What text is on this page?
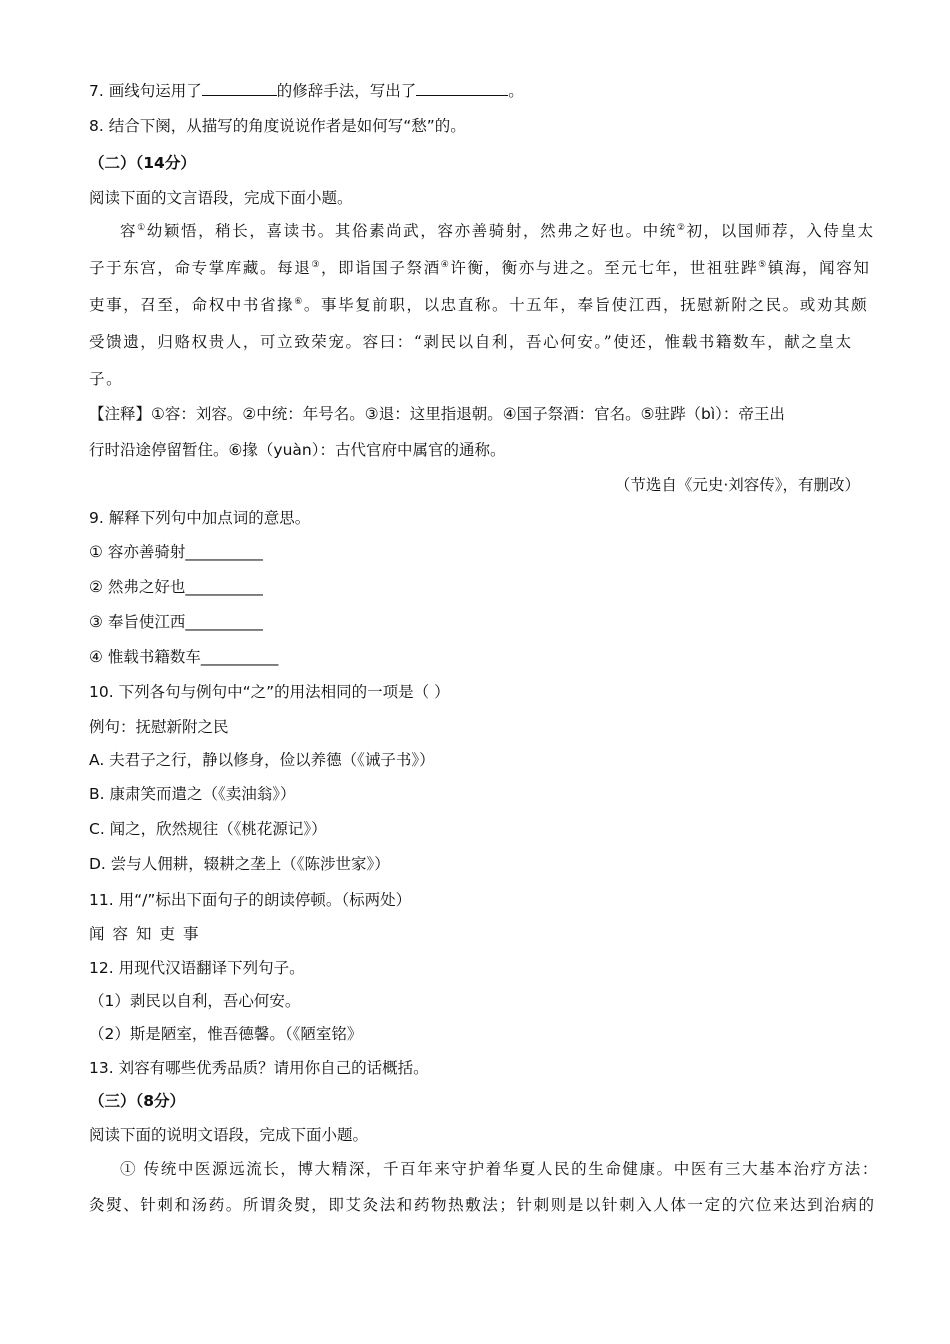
7. 画线句运用了	的修辞手法，写出了	。
8. 结合下阕，从描写的角度说说作者是如何写“愁”的。
（二）（14分）
阅读下面的文言语段，完成下面小题。
容①幼颖悟，稍长，喜读书。其俗素尚武，容亦善骑射，然弗之好也。中统②初，以国师荐，入侍皇太
子于东宫，命专掌库藏。每退③，即诣国子祭酒④许衡，衡亦与进之。至元七年，世祖驻跸⑤镇海，闻容知
吏事，召至，命权中书省掾⑥。事毕复前职，以忠直称。十五年，奉旨使江西，抚慰新附之民。或劝其颇
受馈遗，归赂权贵人，可立致荣宠。容曰：“剥民以自利，吾心何安。”使还，惟载书籍数车，献之皇太
子。
【注释】①容：刘容。②中统：年号名。③退：这里指退朝。④国子祭酒：官名。⑤驻跸（bì）：帝王出
行时沿途停留暂住。⑥掾（yuàn）：古代官府中属官的通称。
（节选自《元史·刘容传》，有删改）
9. 解释下列句中加点词的意思。
① 容亦善骑射__________
② 然弗之好也__________
③ 奉旨使江西__________
④ 惟载书籍数车__________
10. 下列各句与例句中“之”的用法相同的一项是（ ）
例句：抚慰新附之民
A. 夫君子之行，静以修身，俭以养德（《诫子书》）
B. 康肃笑而遣之（《卖油翁》）
C. 闻之，欣然规往（《桃花源记》）
D. 尝与人佣耕，辍耕之垄上（《陈涉世家》）
11. 用“/”标出下面句子的朗读停顿。（标两处）
闻容知吏事
12. 用现代汉语翻译下列句子。
（1）剥民以自利，吾心何安。
（2）斯是陋室，惟吾德馨。（《陋室铭》
13. 刘容有哪些优秀品质？请用你自己的话概括。
（三）（8分）
阅读下面的说明文语段，完成下面小题。
① 传统中医源远流长，博大精深，千百年来守护着华夏人民的生命健康。中医有三大基本治疗方法：
灸熨、针刺和汤药。所谓灸熨，即艾灸法和药物热敷法；针刺则是以针刺入人体一定的穴位来达到治病的
